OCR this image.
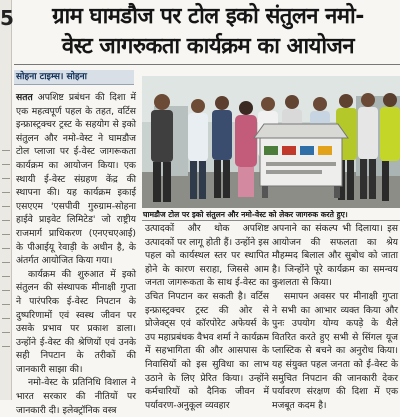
5	ग्राम घामडौज पर टोल इको संतुलन नमो-
वेस्ट जागरुकता कार्यक्रम का आयोजन
सोहना टाइम्स। सोहना

सतत अपशिष्ट प्रबंधन की दिशा में एक महत्वपूर्ण पहल के तहत, वर्टिस इन्फ्रास्ट्रक्चर ट्रस्ट के सहयोग से इको संतुलन और नमो-वेस्ट ने घामडौज टोल प्लाजा पर ई-वेस्ट जागरूकता कार्यक्रम का आयोजन किया। एक स्थायी ई-वेस्ट संग्रहण केंद्र की स्थापना की। यह कार्यक्रम इकाई एसएएम 'एसपीवी गुरुग्राम-सोहना हाईवे प्राइवेट लिमिटेड' जो राष्ट्रीय राजमार्ग प्राधिकरण (एनएचएआई) के पीआईयू रेवाड़ी के अधीन है, के अंतर्गत आयोजित किया गया।

कार्यक्रम की शुरुआत में इको संतुलन की संस्थापक मीनाक्षी गुप्ता ने पारंपरिक ई-वेस्ट निपटान के दुष्परिणामों एवं स्वस्थ जीवन पर उसके प्रभाव पर प्रकाश डाला। उन्होंने ई-वेस्ट की श्रेणियों एवं उनके सही निपटान के तरीकों की जानकारी साझा की।

नमो-वेस्ट के प्रतिनिधि विशाल ने भारत सरकार की नीतियों पर जानकारी दी। इलेक्ट्रॉनिक वस्त्र

घामडौज टोल पर इको संतुलन और नमो-वेस्ट को लेकर जागरुक करते हुए।

उत्पादकों और थोक अपशिष्ट उत्पादकों पर लागू होती हैं। उन्होंने इस पहल को कार्यस्थल स्तर पर स्थापित होने के कारण सराहा, जिससे आम जनता जागरूकता के साथ ई-वेस्ट का उचित निपटान कर सकती है। वर्टिस इन्फ्रास्ट्रक्चर ट्रस्ट की ओर से प्रोजेक्ट्स एवं कॉरपोरेट अफेयर्स के उप महाप्रबंधक वैभव शर्मा ने कार्यक्रम में सहभागिता की और आसपास के निवासियों को इस सुविधा का लाभ उठाने के लिए प्रेरित किया। उन्होंने कर्मचारियों को दैनिक जीवन में पर्यावरण-अनुकूल व्यवहार

अपनाने का संकल्प भी दिलाया। इस आयोजन की सफलता का श्रेय मौहम्मद बिलाल और सुबोध को जाता है। जिन्होंने पूरे कार्यक्रम का समन्वय कुशलता से किया।

समापन अवसर पर मीनाक्षी गुप्ता ने सभी का आभार व्यक्त किया और पुनः उपयोग योग्य कपड़े के थैले वितरित करते हुए सभी से सिंगल यूज प्लास्टिक से बचने का अनुरोध किया। यह संयुक्त पहल जनता को ई-वेस्ट के समुचित निपटान की जानकारी देकर पर्यावरण संरक्षण की दिशा में एक मजबूत कदम है।
